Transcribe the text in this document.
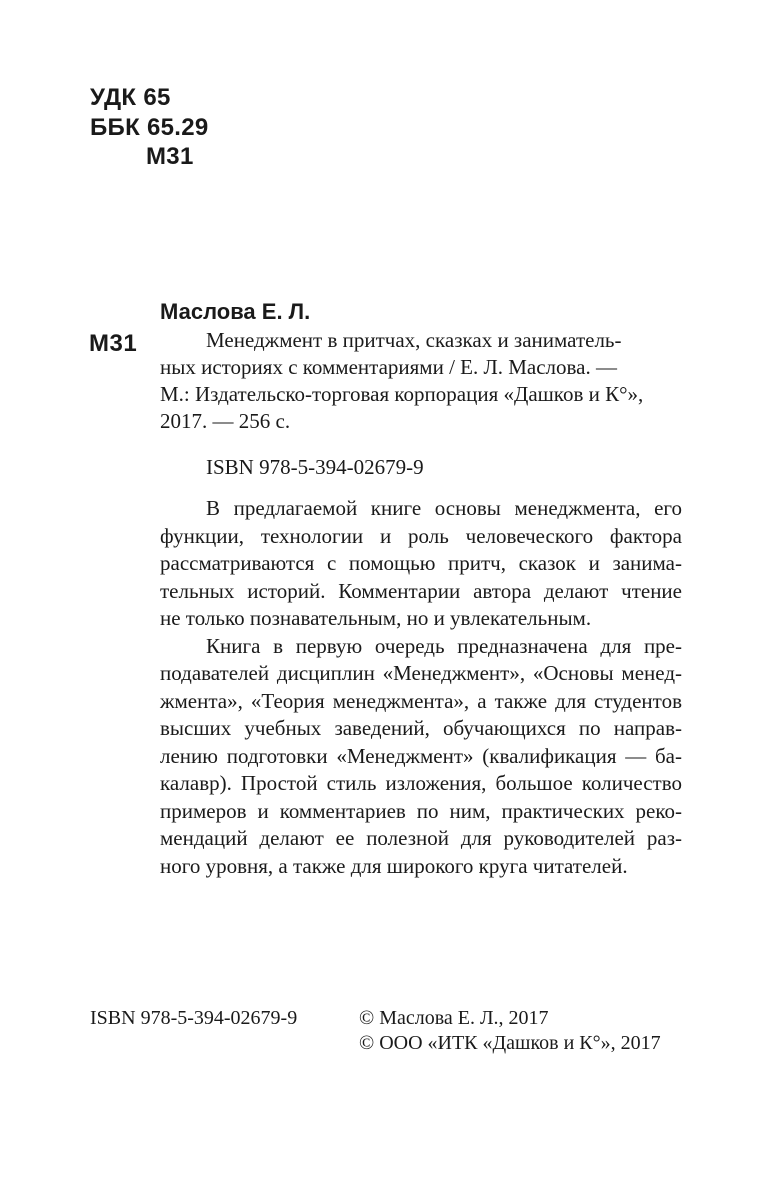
УДК 65
ББК 65.29
М31
Маслова Е. Л.
М31	Менеджмент в притчах, сказках и заниматель-
ных историях с комментариями / Е. Л. Маслова. —
М.: Издательско-торговая корпорация «Дашков и К°»,
2017. — 256 с.
ISBN 978-5-394-02679-9
В предлагаемой книге основы менеджмента, его
функции, технологии и роль человеческого фактора
рассматриваются с помощью притч, сказок и занима-
тельных историй. Комментарии автора делают чтение
не только познавательным, но и увлекательным.
Книга в первую очередь предназначена для пре-
подавателей дисциплин «Менеджмент», «Основы менед-
жмента», «Теория менеджмента», а также для студентов
высших учебных заведений, обучающихся по направ-
лению подготовки «Менеджмент» (квалификация — ба-
калавр). Простой стиль изложения, большое количество
примеров и комментариев по ним, практических реко-
мендаций делают ее полезной для руководителей раз-
ного уровня, а также для широкого круга читателей.
ISBN 978-5-394-02679-9	© Маслова Е. Л., 2017
© ООО «ИТК «Дашков и К°», 2017
